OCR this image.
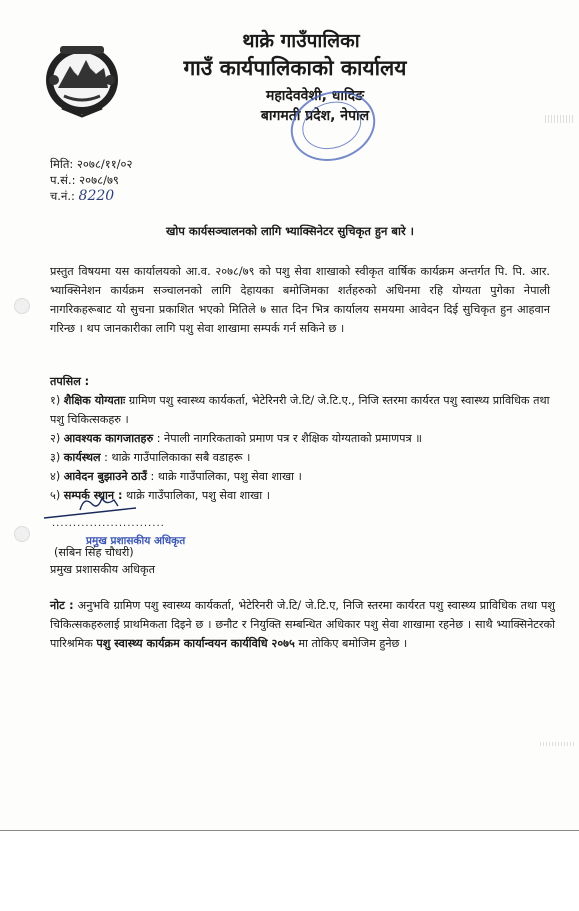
थाक्रे गाउँपालिका
गाउँ कार्यपालिकाको कार्यालय
महादेववेशी, धादिङ
बागमती प्रदेश, नेपाल
मिति: २०७८/११/०२
प.सं.: २०७८/७९
च.नं.: 8220
खोप कार्यसञ्चालनको लागि भ्याक्सिनेटर सुचिकृत हुन बारे ।

प्रस्तुत विषयमा यस कार्यालयको आ.व. २०७८/७९ को पशु सेवा शाखाको स्वीकृत वार्षिक कार्यक्रम अन्तर्गत पि. पि. आर. भ्याक्सिनेशन कार्यक्रम सञ्चालनको लागि देहायका बमोजिमका शर्तहरुको अधिनमा रहि योग्यता पुगेका नेपाली नागरिकहरूबाट यो सुचना प्रकाशित भएको मितिले ७ सात दिन भित्र कार्यालय समयमा आवेदन दिई सुचिकृत हुन आहवान गरिन्छ । थप जानकारीका लागि पशु सेवा शाखामा सम्पर्क गर्न सकिने छ ।

तपसिल :
१) शैक्षिक योग्यताः ग्रामिण पशु स्वास्थ्य कार्यकर्ता, भेटेरिनरी जे.टि/ जे.टि.ए., निजि स्तरमा कार्यरत पशु स्वास्थ्य प्राविधिक तथा पशु चिकित्सकहरु ।
२) आवश्यक कागजातहरु : नेपाली नागरिकताको प्रमाण पत्र र शैक्षिक योग्यताको प्रमाणपत्र ॥
३) कार्यस्थल : थाक्रे गाउँपालिकाका सबै वडाहरू ।
४) आवेदन बुझाउने ठाउँ : थाक्रे गाउँपालिका, पशु सेवा शाखा ।
५) सम्पर्क स्थान : थाक्रे गाउँपालिका, पशु सेवा शाखा ।
...........................
प्रमुख प्रशासकीय अधिकृत
(सबिन सिंह चौधरी)
प्रमुख प्रशासकीय अधिकृत
नोट : अनुभवि ग्रामिण पशु स्वास्थ्य कार्यकर्ता, भेटेरिनरी जे.टि/ जे.टि.ए, निजि स्तरमा कार्यरत पशु स्वास्थ्य प्राविधिक तथा पशु चिकित्सकहरुलाई प्राथमिकता दिइने छ । छनौट र नियुक्ति सम्बन्धित अधिकार पशु सेवा शाखामा रहनेछ । साथै भ्याक्सिनेटरको पारिश्रमिक पशु स्वास्थ्य कार्यक्रम कार्यान्वयन कार्यविधि २०७५ मा तोकिए बमोजिम हुनेछ ।
